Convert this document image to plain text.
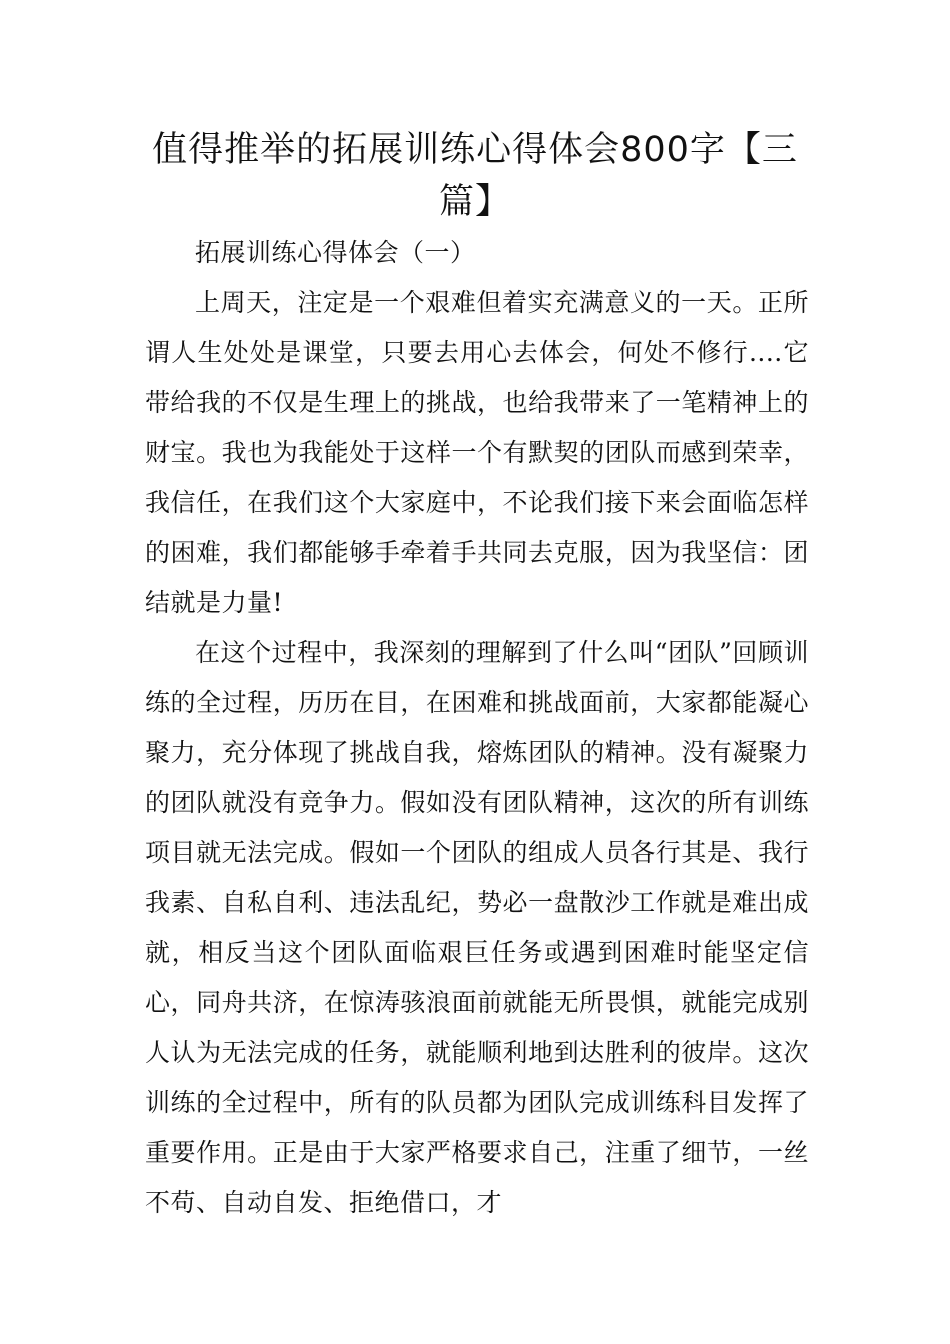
值得推举的拓展训练心得体会800字【三篇】

拓展训练心得体会（一）

上周天，注定是一个艰难但着实充满意义的一天。正所谓人生处处是课堂，只要去用心去体会，何处不修行....它带给我的不仅是生理上的挑战，也给我带来了一笔精神上的财宝。我也为我能处于这样一个有默契的团队而感到荣幸，我信任，在我们这个大家庭中，不论我们接下来会面临怎样的困难，我们都能够手牵着手共同去克服，因为我坚信：团结就是力量!

在这个过程中，我深刻的理解到了什么叫“团队”回顾训练的全过程，历历在目，在困难和挑战面前，大家都能凝心聚力，充分体现了挑战自我，熔炼团队的精神。没有凝聚力的团队就没有竞争力。假如没有团队精神，这次的所有训练项目就无法完成。假如一个团队的组成人员各行其是、我行我素、自私自利、违法乱纪，势必一盘散沙工作就是难出成就，相反当这个团队面临艰巨任务或遇到困难时能坚定信心，同舟共济，在惊涛骇浪面前就能无所畏惧，就能完成别人认为无法完成的任务，就能顺利地到达胜利的彼岸。这次训练的全过程中，所有的队员都为团队完成训练科目发挥了重要作用。正是由于大家严格要求自己，注重了细节，一丝不苟、自动自发、拒绝借口，才
